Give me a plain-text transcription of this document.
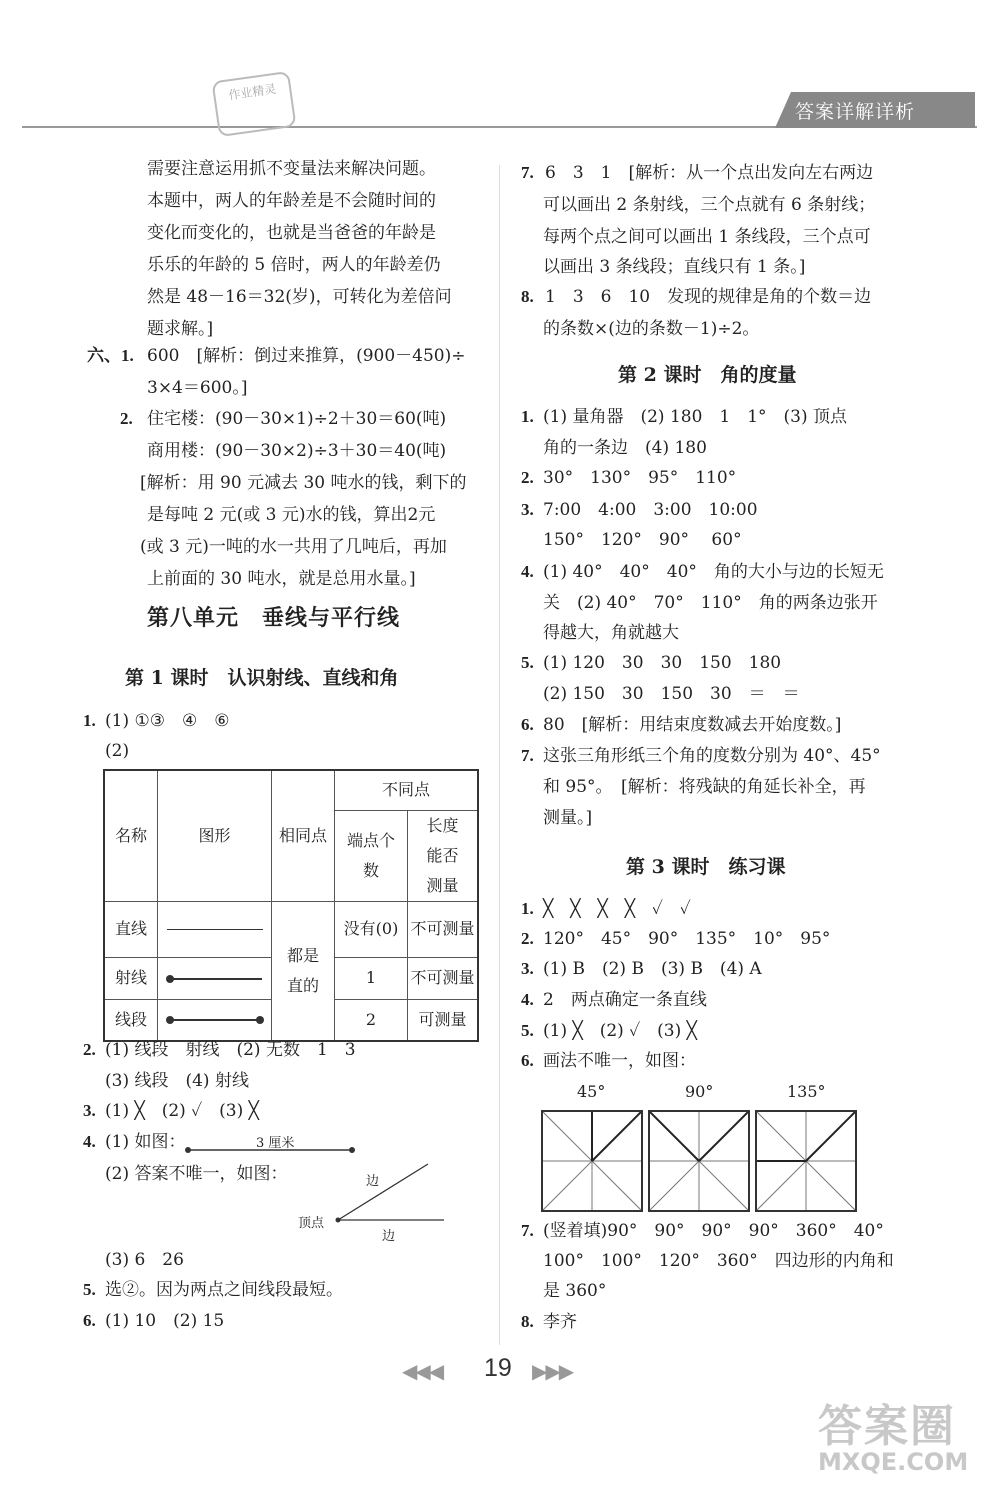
作业精灵
答案详解详析
需要注意运用抓不变量法来解决问题。
本题中，两人的年龄差是不会随时间的
变化而变化的，也就是当爸爸的年龄是
乐乐的年龄的 5 倍时，两人的年龄差仍
然是 48－16＝32(岁)，可转化为差倍问
题求解。]
六、1. 600　[解析：倒过来推算，(900－450)÷
3×4＝600。]
2. 住宅楼：(90－30×1)÷2＋30＝60(吨)
商用楼：(90－30×2)÷3＋30＝40(吨)
[解析：用 90 元减去 30 吨水的钱，剩下的
是每吨 2 元(或 3 元)水的钱，算出2元
(或 3 元)一吨的水一共用了几吨后，再加
上前面的 30 吨水，就是总用水量。]
第八单元　垂线与平行线
第 1 课时　认识射线、直线和角
1. (1) ①③　④　⑥
(2)
名称	图形	相同点	不同点	
			端点个数	长度能否测量
直线		都是直的	没有(0)	不可测量
射线			1	不可测量
线段			2	可测量
2. (1) 线段　射线　(2) 无数　1　3
(3) 线段　(4) 射线
3. (1) ╳　(2) ✓　(3) ╳
4. (1) 如图：	3 厘米
(2) 答案不唯一，如图：	边
顶点
边
(3) 6　26
5. 选②。因为两点之间线段最短。
6. (1) 10　(2) 15
7. 6　3　1　[解析：从一个点出发向左右两边
可以画出 2 条射线，三个点就有 6 条射线；
每两个点之间可以画出 1 条线段，三个点可
以画出 3 条线段；直线只有 1 条。]
8. 1　3　6　10　发现的规律是角的个数＝边
的条数×(边的条数－1)÷2。
第 2 课时　角的度量
1. (1) 量角器　(2) 180　1　1°　(3) 顶点
角的一条边　(4) 180
2. 30°　130°　95°　110°
3. 7:00　4:00　3:00　10:00
150°　120°　90°　 60°
4. (1) 40°　40°　40°　角的大小与边的长短无
关　(2) 40°　70°　110°　角的两条边张开
得越大，角就越大
5. (1) 120　30　30　150　180
(2) 150　30　150　30　＝　＝
6. 80　[解析：用结束度数减去开始度数。]
7. 这张三角形纸三个角的度数分别为 40°、45°
和 95°。　[解析：将残缺的角延长补全，再
测量。]
第 3 课时　练习课
1. ╳　╳　╳　╳　✓　✓
2. 120°　45°　90°　135°　10°　95°
3. (1) B　(2) B　(3) B　(4) A
4. 2　两点确定一条直线
5. (1) ╳　(2) ✓　(3) ╳
6. 画法不唯一，如图：
45°	90°	135°
7. (竖着填)90°　90°　90°　90°　360°　40°
100°　100°　120°　360°　四边形的内角和
是 360°
8. 李齐
◀◀◀ 19 ▶▶▶
答案圈
MXQE.COM
